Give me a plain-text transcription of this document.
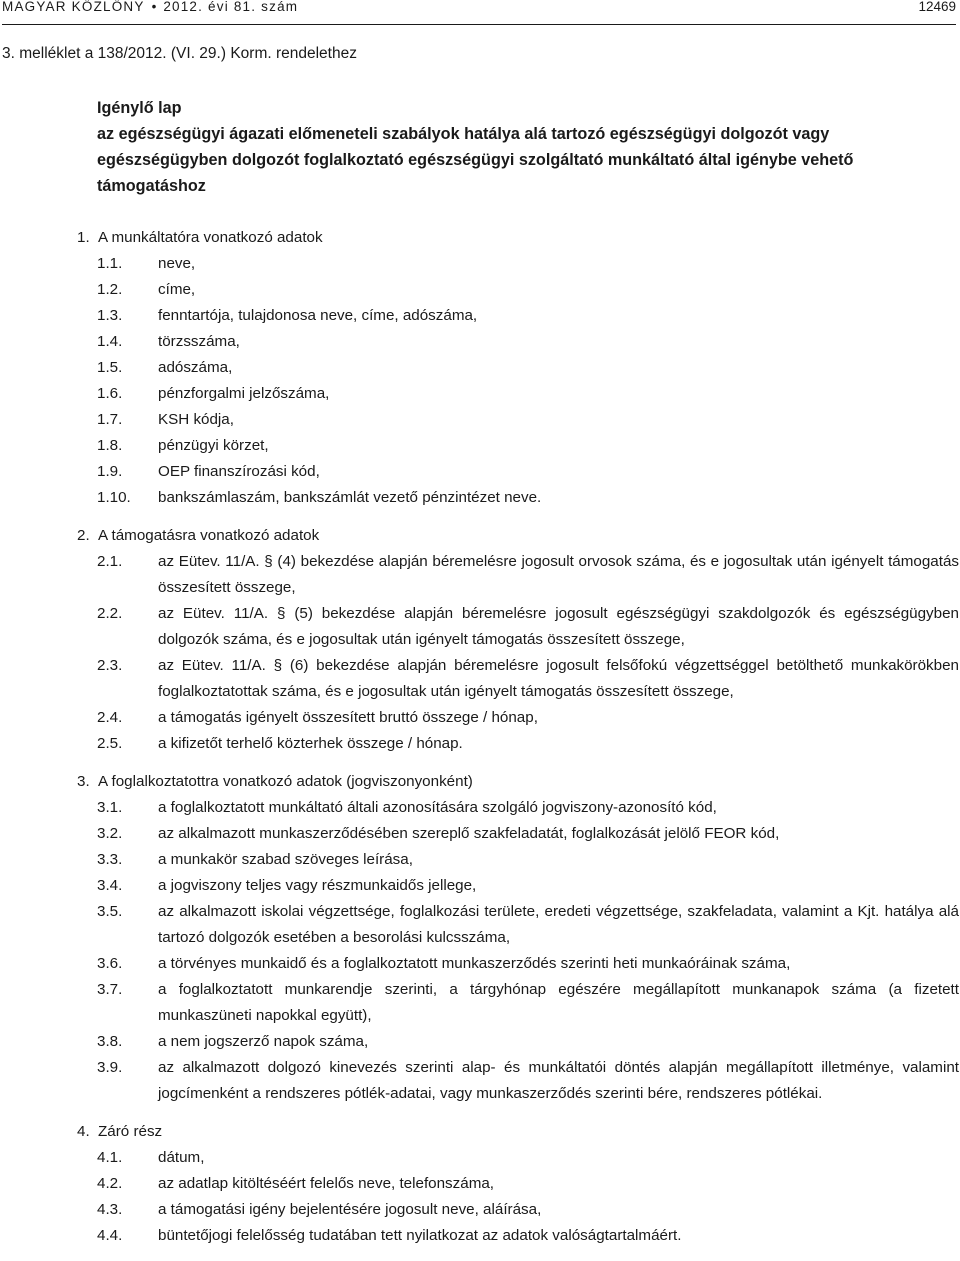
MAGYAR KÖZLÖNY • 2012. évi 81. szám	12469
3. melléklet a 138/2012. (VI. 29.) Korm. rendelethez
Igénylő lap
az egészségügyi ágazati előmeneteli szabályok hatálya alá tartozó egészségügyi dolgozót vagy egészségügyben dolgozót foglalkoztató egészségügyi szolgáltató munkáltató által igénybe vehető támogatáshoz
1. A munkáltatóra vonatkozó adatok
1.1.	neve,
1.2.	címe,
1.3.	fenntartója, tulajdonosa neve, címe, adószáma,
1.4.	törzsszáma,
1.5.	adószáma,
1.6.	pénzforgalmi jelzőszáma,
1.7.	KSH kódja,
1.8.	pénzügyi körzet,
1.9.	OEP finanszírozási kód,
1.10.	bankszámlaszám, bankszámlát vezető pénzintézet neve.
2. A támogatásra vonatkozó adatok
2.1.	az Eütev. 11/A. § (4) bekezdése alapján béremelésre jogosult orvosok száma, és e jogosultak után igényelt támogatás összesített összege,
2.2.	az Eütev. 11/A. § (5) bekezdése alapján béremelésre jogosult egészségügyi szakdolgozók és egészségügyben dolgozók száma, és e jogosultak után igényelt támogatás összesített összege,
2.3.	az Eütev. 11/A. § (6) bekezdése alapján béremelésre jogosult felsőfokú végzettséggel betölthető munkakörökben foglalkoztatottak száma, és e jogosultak után igényelt támogatás összesített összege,
2.4.	a támogatás igényelt összesített bruttó összege / hónap,
2.5.	a kifizetőt terhelő közterhek összege / hónap.
3. A foglalkoztatottra vonatkozó adatok (jogviszonyonként)
3.1.	a foglalkoztatott munkáltató általi azonosítására szolgáló jogviszony-azonosító kód,
3.2.	az alkalmazott munkaszerződésében szereplő szakfeladatát, foglalkozását jelölő FEOR kód,
3.3.	a munkakör szabad szöveges leírása,
3.4.	a jogviszony teljes vagy részmunkaidős jellege,
3.5.	az alkalmazott iskolai végzettsége, foglalkozási területe, eredeti végzettsége, szakfeladata, valamint a Kjt. hatálya alá tartozó dolgozók esetében a besorolási kulcsszáma,
3.6.	a törvényes munkaidő és a foglalkoztatott munkaszerződés szerinti heti munkaóráinak száma,
3.7.	a foglalkoztatott munkarendje szerinti, a tárgyhónap egészére megállapított munkanapok száma (a fizetett munkaszüneti napokkal együtt),
3.8.	a nem jogszerző napok száma,
3.9.	az alkalmazott dolgozó kinevezés szerinti alap- és munkáltatói döntés alapján megállapított illetménye, valamint jogcímenként a rendszeres pótlék-adatai, vagy munkaszerződés szerinti bére, rendszeres pótlékai.
4. Záró rész
4.1.	dátum,
4.2.	az adatlap kitöltéséért felelős neve, telefonszáma,
4.3.	a támogatási igény bejelentésére jogosult neve, aláírása,
4.4.	büntetőjogi felelősség tudatában tett nyilatkozat az adatok valóságtartalmáért.
